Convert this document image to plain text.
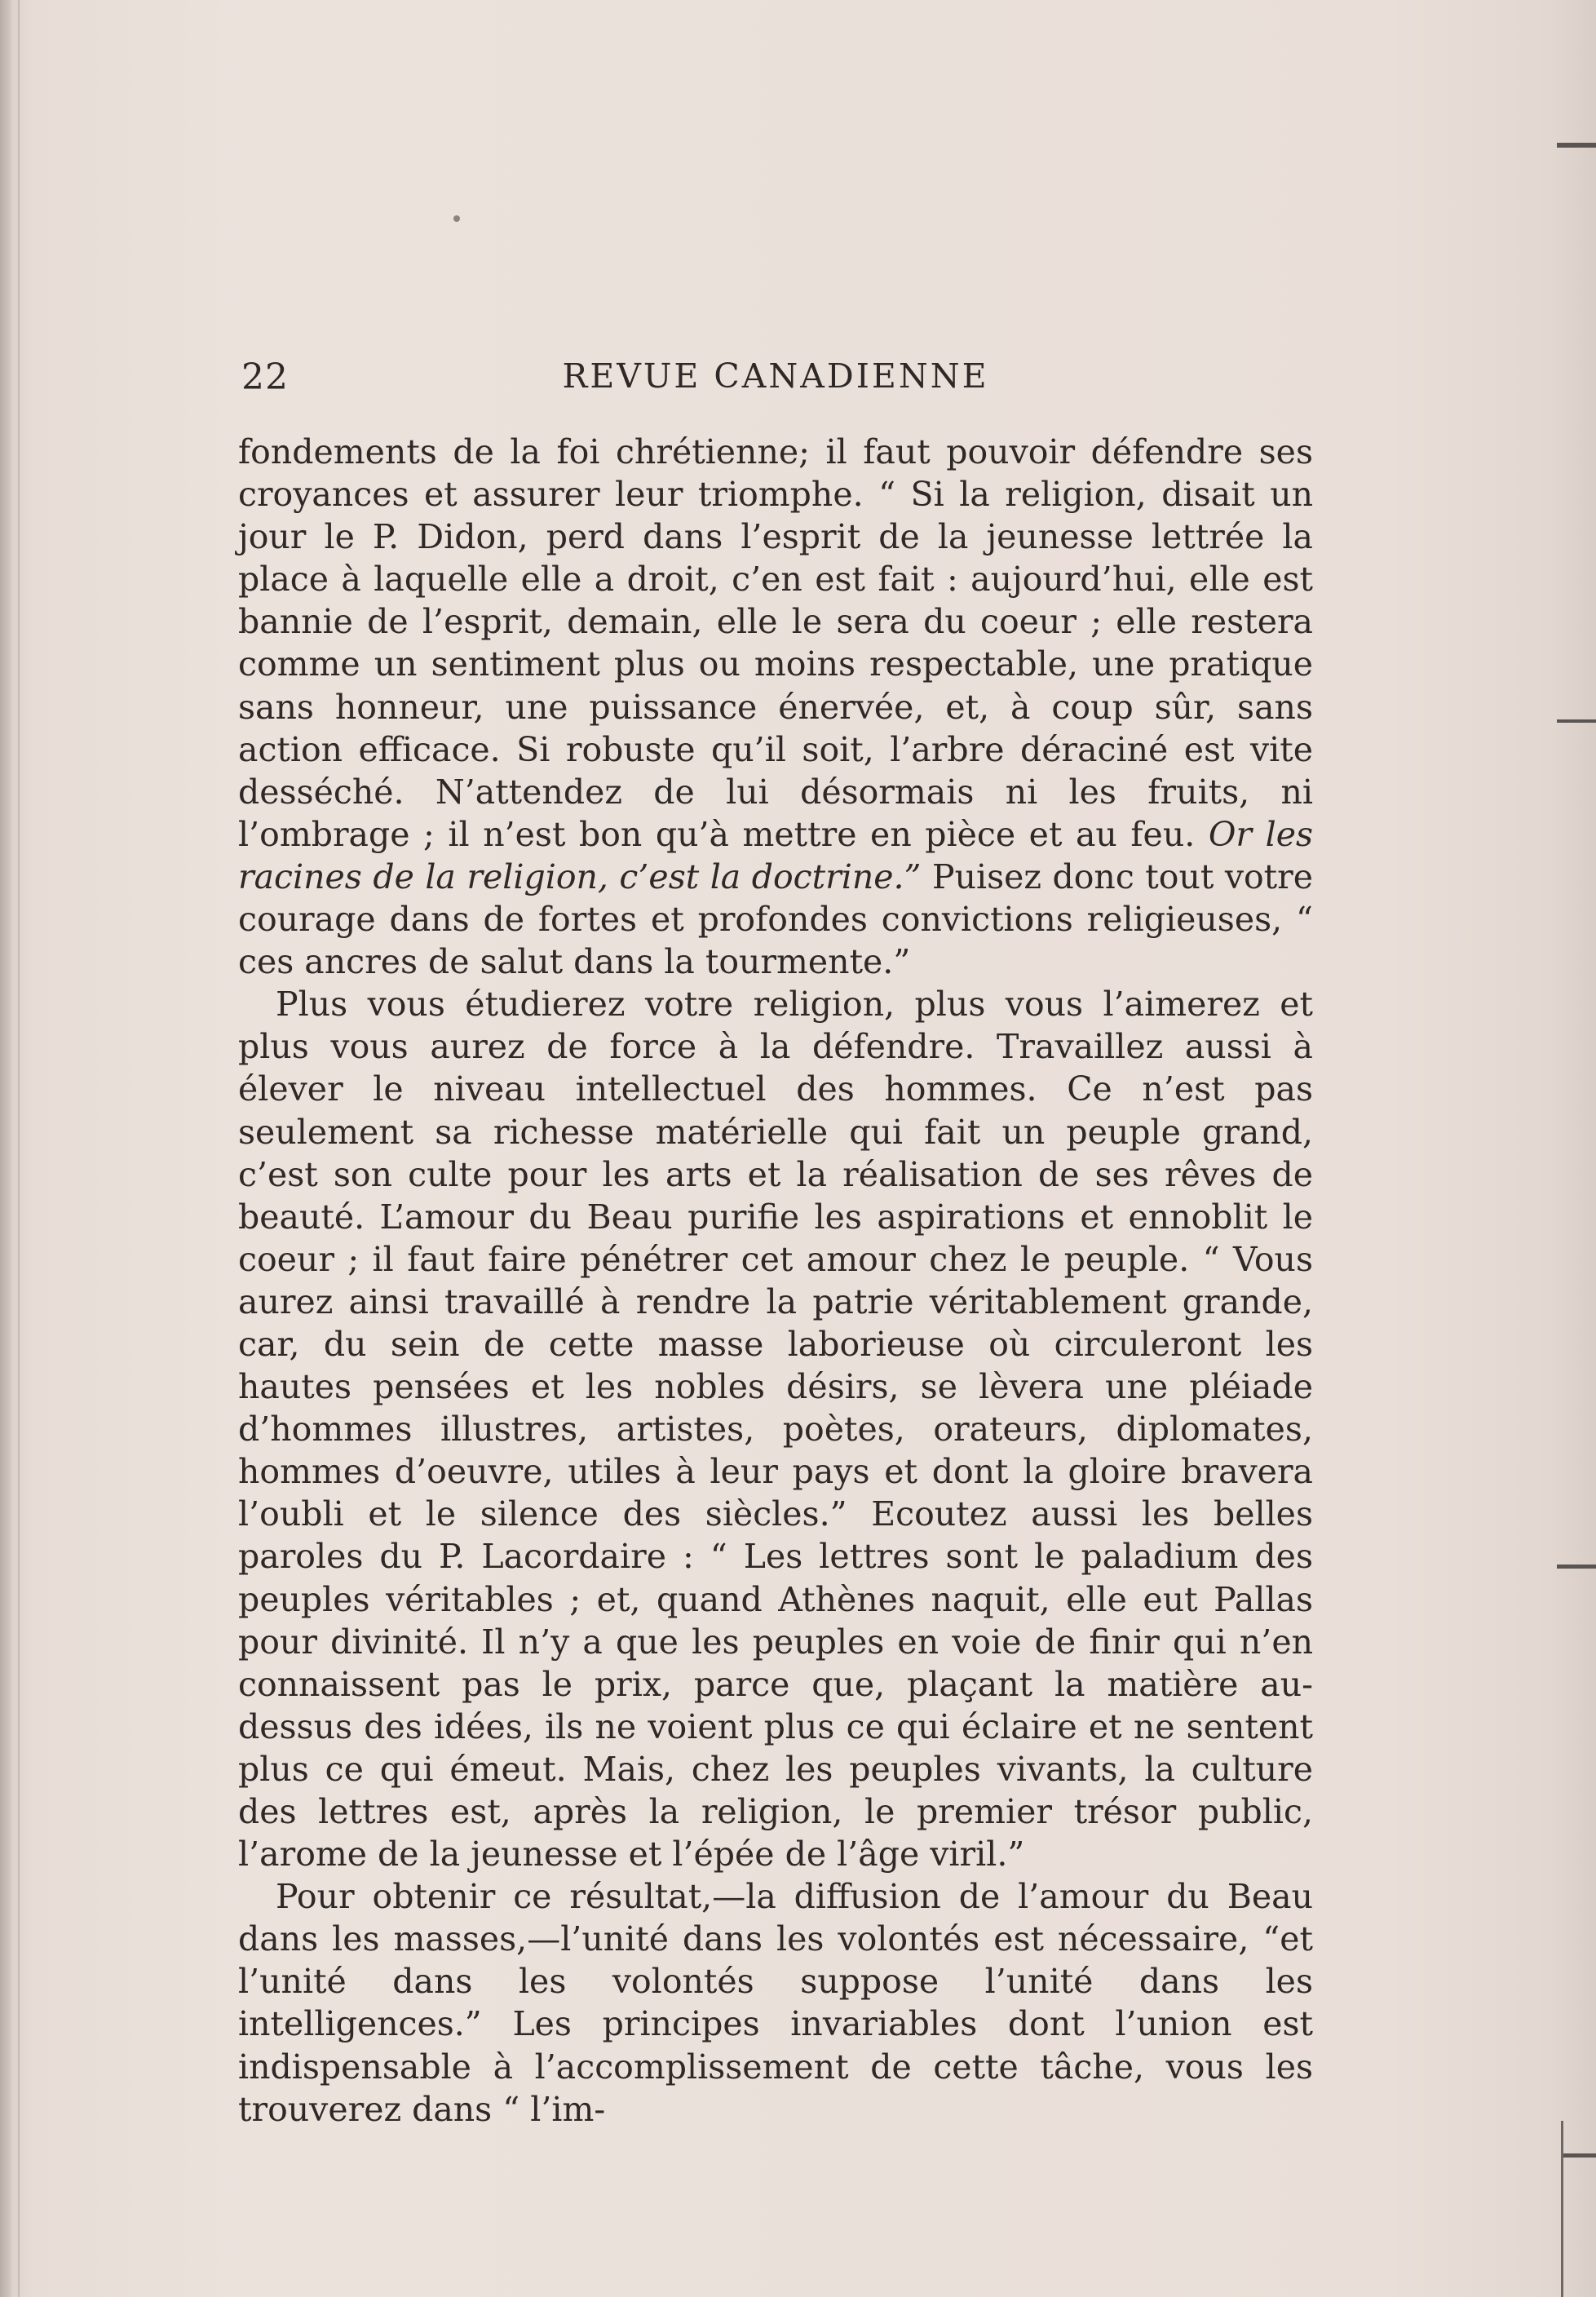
22	REVUE CANADIENNE

fondements de la foi chrétienne; il faut pouvoir défendre ses croyances et assurer leur triomphe. “ Si la religion, disait un jour le P. Didon, perd dans l’esprit de la jeunesse lettrée la place à laquelle elle a droit, c’en est fait : aujourd’hui, elle est bannie de l’esprit, demain, elle le sera du coeur ; elle restera comme un sentiment plus ou moins respectable, une pratique sans honneur, une puissance énervée, et, à coup sûr, sans action efficace. Si robuste qu’il soit, l’arbre déraciné est vite desséché. N’attendez de lui désormais ni les fruits, ni l’ombrage ; il n’est bon qu’à mettre en pièce et au feu. Or les racines de la religion, c’est la doctrine.” Puisez donc tout votre courage dans de fortes et profondes convictions religieuses, “ ces ancres de salut dans la tourmente.”

Plus vous étudierez votre religion, plus vous l’aimerez et plus vous aurez de force à la défendre. Travaillez aussi à élever le niveau intellectuel des hommes. Ce n’est pas seulement sa richesse matérielle qui fait un peuple grand, c’est son culte pour les arts et la réalisation de ses rêves de beauté. L’amour du Beau purifie les aspirations et ennoblit le coeur ; il faut faire pénétrer cet amour chez le peuple. “ Vous aurez ainsi travaillé à rendre la patrie véritablement grande, car, du sein de cette masse laborieuse où circuleront les hautes pensées et les nobles désirs, se lèvera une pléiade d’hommes illustres, artistes, poètes, orateurs, diplomates, hommes d’oeuvre, utiles à leur pays et dont la gloire bravera l’oubli et le silence des siècles.” Ecoutez aussi les belles paroles du P. Lacordaire : “ Les lettres sont le paladium des peuples véritables ; et, quand Athènes naquit, elle eut Pallas pour divinité. Il n’y a que les peuples en voie de finir qui n’en connaissent pas le prix, parce que, plaçant la matière au-dessus des idées, ils ne voient plus ce qui éclaire et ne sentent plus ce qui émeut. Mais, chez les peuples vivants, la culture des lettres est, après la religion, le premier trésor public, l’arome de la jeunesse et l’épée de l’âge viril.”

Pour obtenir ce résultat,—la diffusion de l’amour du Beau dans les masses,—l’unité dans les volontés est nécessaire, “et l’unité dans les volontés suppose l’unité dans les intelligences.” Les principes invariables dont l’union est indispensable à l’accomplissement de cette tâche, vous les trouverez dans “ l’im-
